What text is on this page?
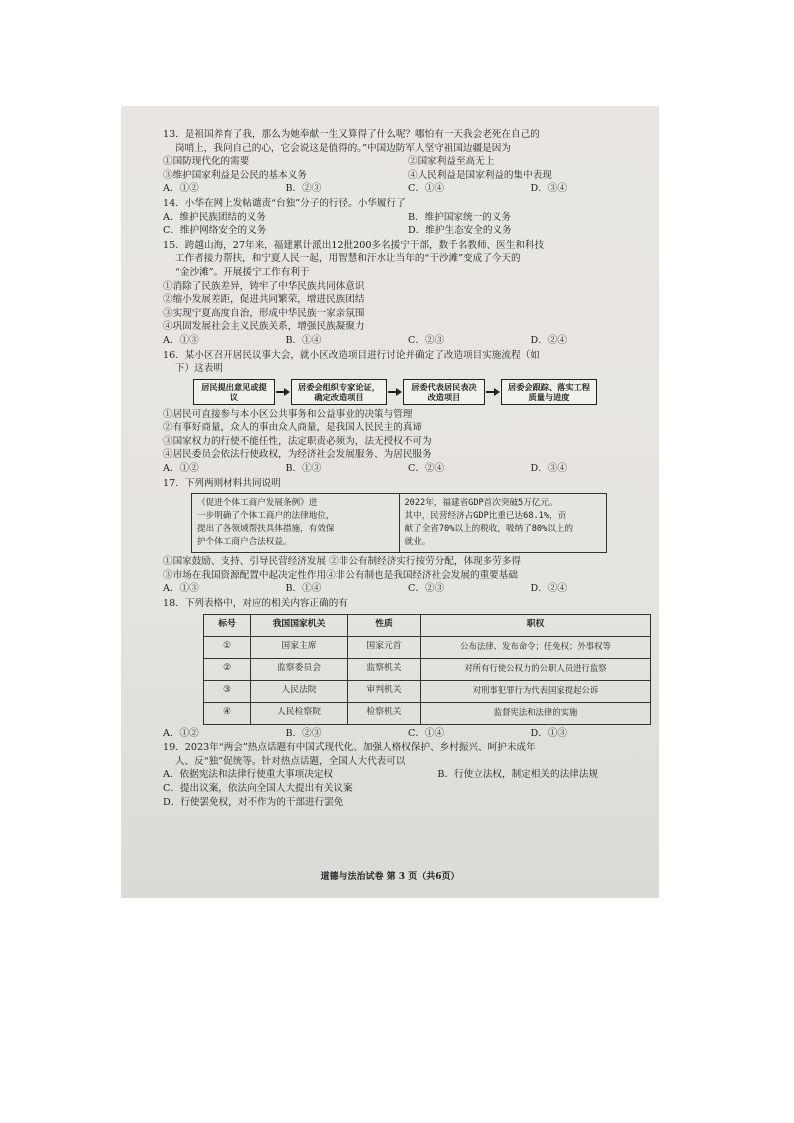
13．是祖国养育了我，那么为她奉献一生又算得了什么呢？哪怕有一天我会老死在自己的
岗哨上，我问自己的心，它会说这是值得的。”中国边防军人坚守祖国边疆是因为
①国防现代化的需要	②国家利益至高无上
③维护国家利益是公民的基本义务	④人民利益是国家利益的集中表现
A．①②	B．②③	C．①④	D．③④
14．小华在网上发帖谴责“台独”分子的行径。小华履行了
A．维护民族团结的义务	B．维护国家统一的义务
C．维护网络安全的义务	D．维护生态安全的义务
15．跨越山海，27年来，福建累计派出12批200多名援宁干部，数千名教师、医生和科技
工作者接力帮扶，和宁夏人民一起，用智慧和汗水让当年的“干沙滩”变成了今天的
“金沙滩”。开展援宁工作有利于
①消除了民族差异，铸牢了中华民族共同体意识
②缩小发展差距，促进共同繁荣，增进民族团结
③实现宁夏高度自治，形成中华民族一家亲氛围
④巩固发展社会主义民族关系，增强民族凝聚力
A．①③	B．①④	C．②③	D．②④
16．某小区召开居民议事大会，就小区改造项目进行讨论并确定了改造项目实施流程（如
下）这表明
居民提出意见或提议
居委会组织专家论证，确定改造项目
居委代表居民表决改造项目
居委会跟踪、落实工程质量与进度
①居民可直接参与本小区公共事务和公益事业的决策与管理
②有事好商量，众人的事由众人商量，是我国人民民主的真谛
③国家权力的行使不能任性，法定职责必须为，法无授权不可为
④居民委员会依法行使政权，为经济社会发展服务、为居民服务
A．①②	B．①③	C．②④	D．③④
17．下列两则材料共同说明
《促进个体工商户发展条例》进
一步明确了个体工商户的法律地位，
提出了各领域帮扶具体措施，有效保
护个体工商户合法权益。
2022年，福建省GDP首次突破5万亿元。
其中，民营经济占GDP比重已达68.1%，贡
献了全省70%以上的税收，吸纳了80%以上的
就业。
①国家鼓励、支持、引导民营经济发展 ②非公有制经济实行按劳分配，体现多劳多得
③市场在我国资源配置中起决定性作用④非公有制也是我国经济社会发展的重要基础
A．①③	B．①④	C．②③	D．②④
18．下列表格中，对应的相关内容正确的有
标号	我国国家机关	性质	职权
①	国家主席	国家元首	公布法律、发布命令；任免权；外事权等
②	监察委员会	监察机关	对所有行使公权力的公职人员进行监察
③	人民法院	审判机关	对刑事犯罪行为代表国家提起公诉
④	人民检察院	检察机关	监督宪法和法律的实施
A．①②	B．②③	C．①④	D．①③
19．2023年“两会”热点话题有中国式现代化、加强人格权保护、乡村振兴、呵护未成年
人、反“独”促统等。针对热点话题，全国人大代表可以
A．依据宪法和法律行使重大事项决定权	B．行使立法权，制定相关的法律法规
C．提出议案，依法向全国人大提出有关议案
D．行使罢免权，对不作为的干部进行罢免
道德与法治试卷 第 3 页（共6页）
